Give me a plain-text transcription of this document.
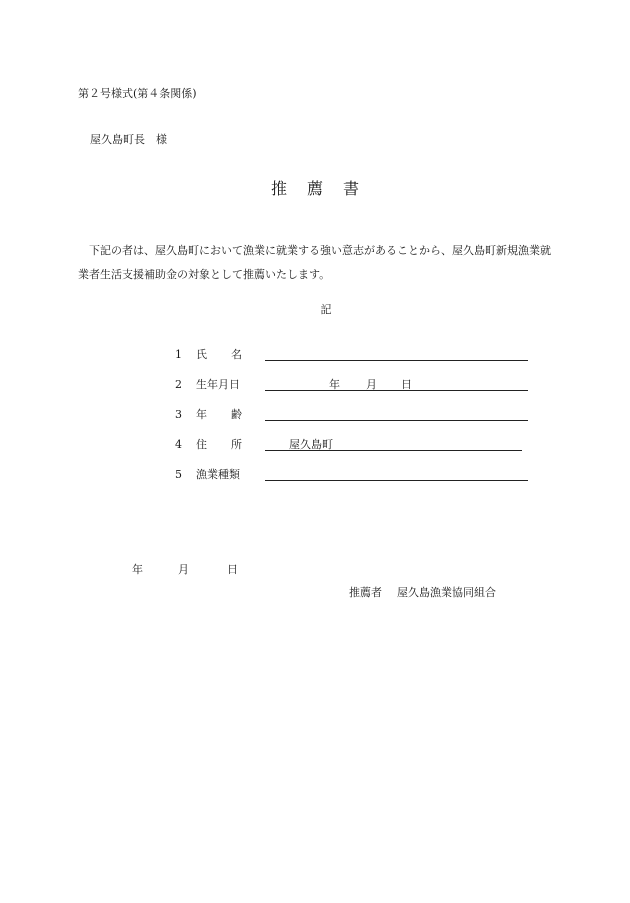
第２号様式(第４条関係)
屋久島町長　様
推 薦 書
下記の者は、屋久島町において漁業に就業する強い意志があることから、屋久島町新規漁業就
業者生活支援補助金の対象として推薦いたします。
記
1 氏 名
2 生年月日	年 月 日
3 年 齢
4 住 所	屋久島町
5 漁業種類
年	月	日
推薦者 屋久島漁業協同組合
